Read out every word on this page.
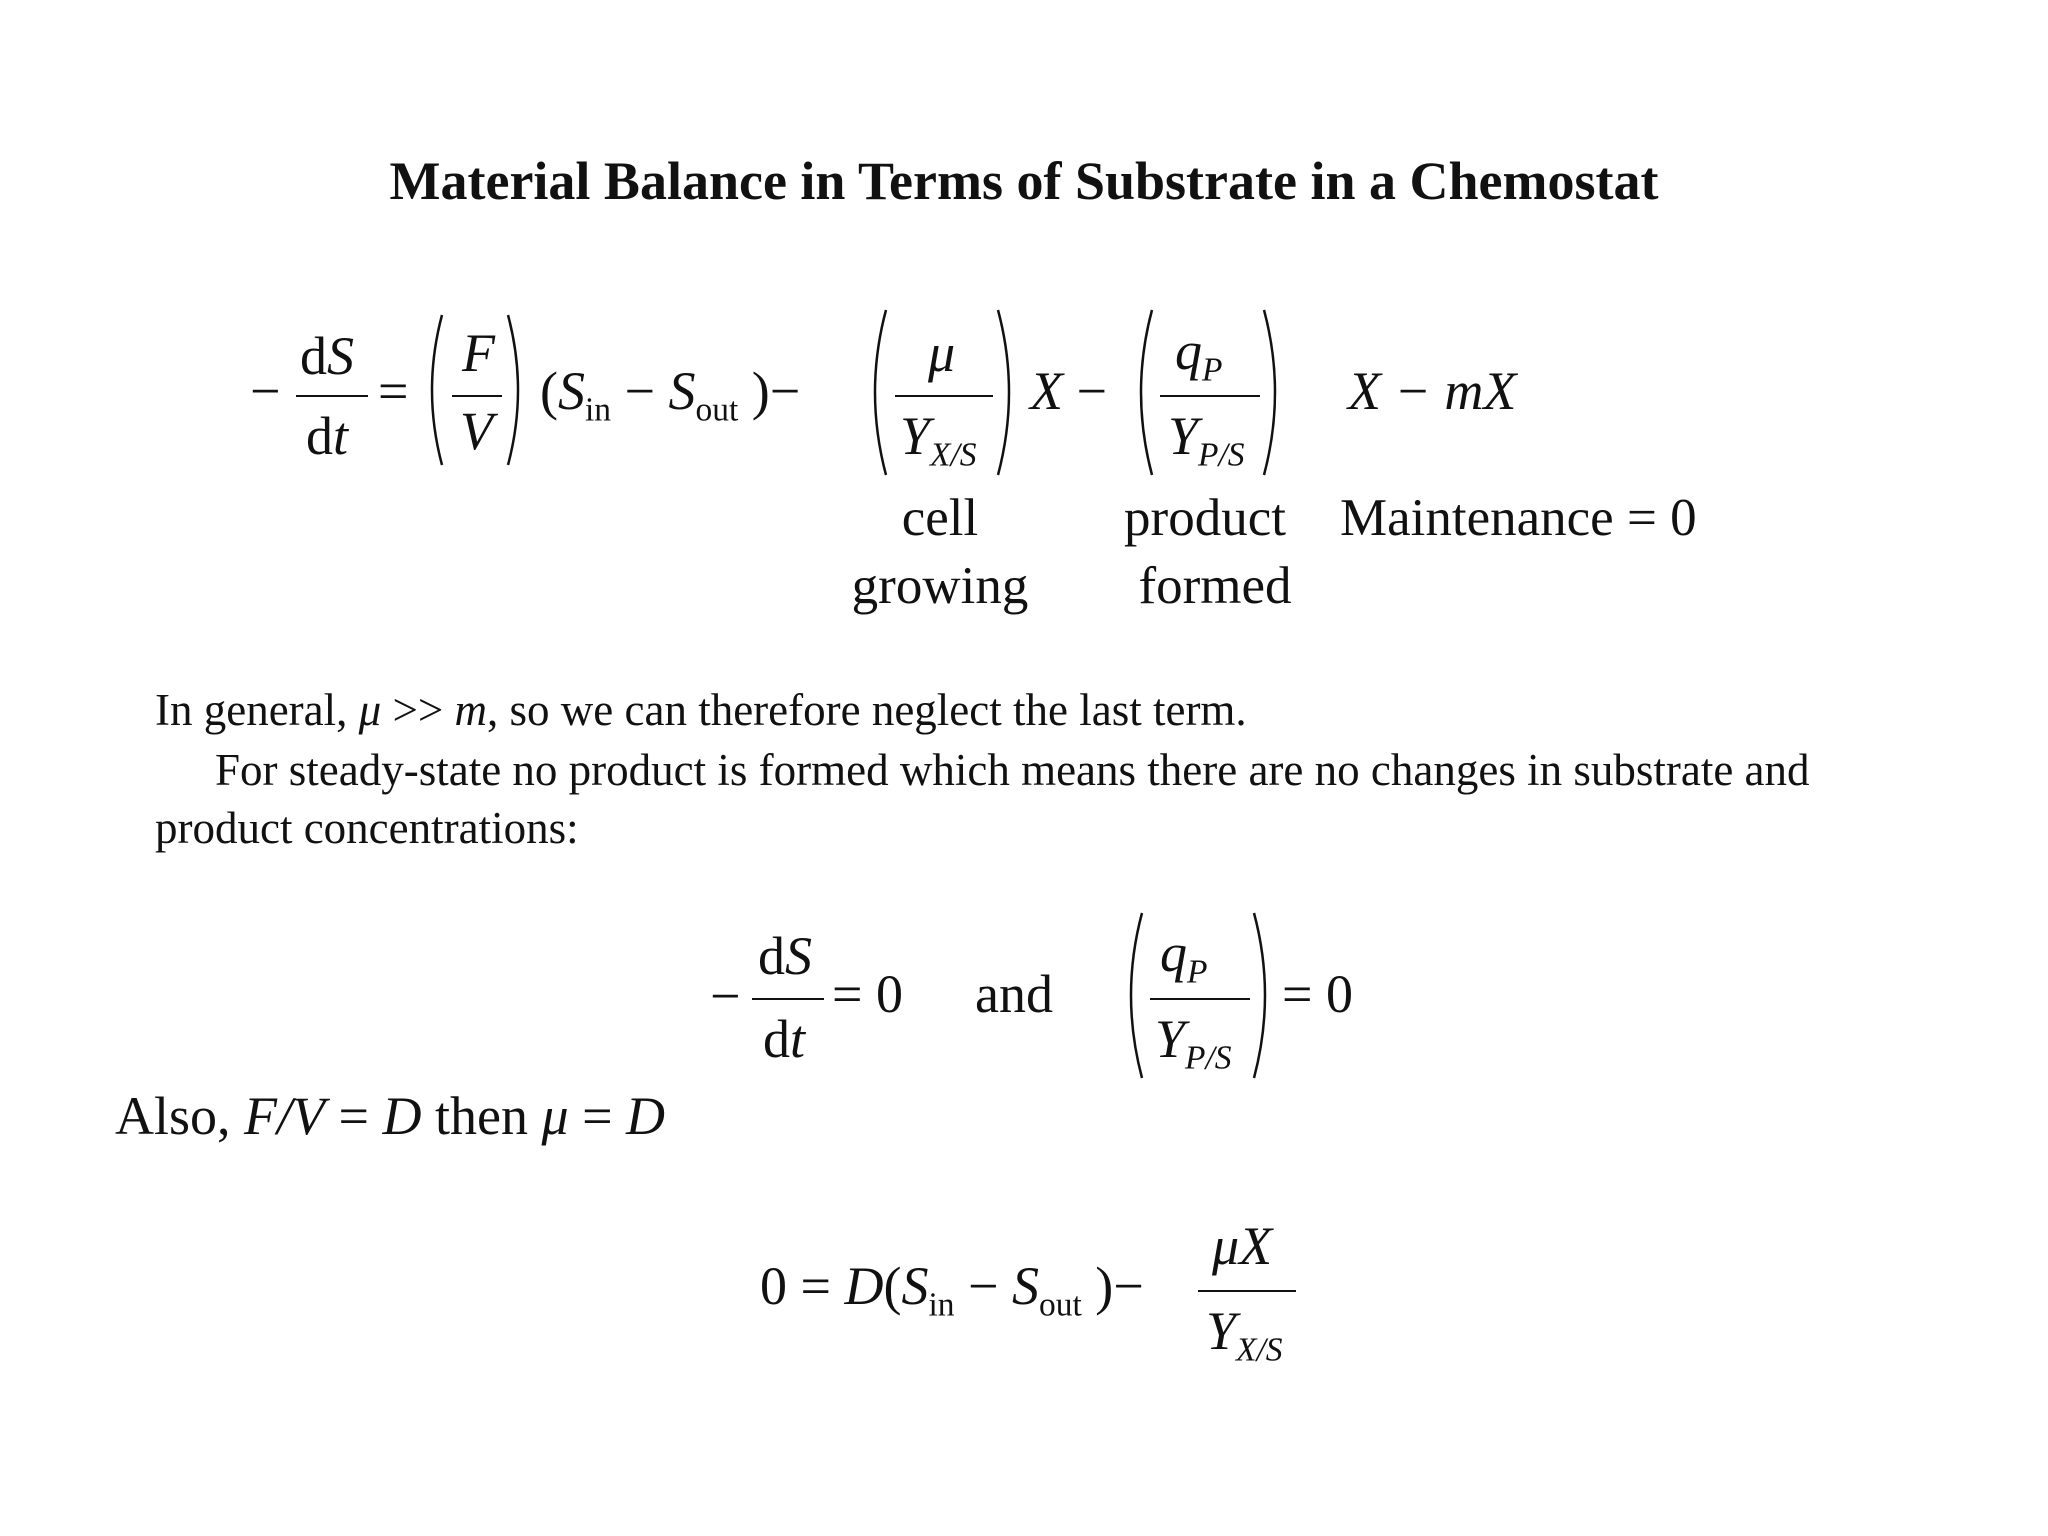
Material Balance in Terms of Substrate in a Chemostat
−
dS
dt
=
F
V
($S_{in} - S_{out}$ )−
μ
$Y_{X/S}$
X −
$q_P$
$Y_{P/S}$
X − mX
cell
growing
product
formed
Maintenance = 0
In general, μ >> m, so we can therefore neglect the last term.
For steady-state no product is formed which means there are no changes in substrate and
product concentrations:
−
dS
dt
= 0 and
$q_P$
$Y_{P/S}$
= 0
Also, F/V = D then μ = D
$0 = D(S_{in} - S_{out}$ )−
μX
$Y_{X/S}$
